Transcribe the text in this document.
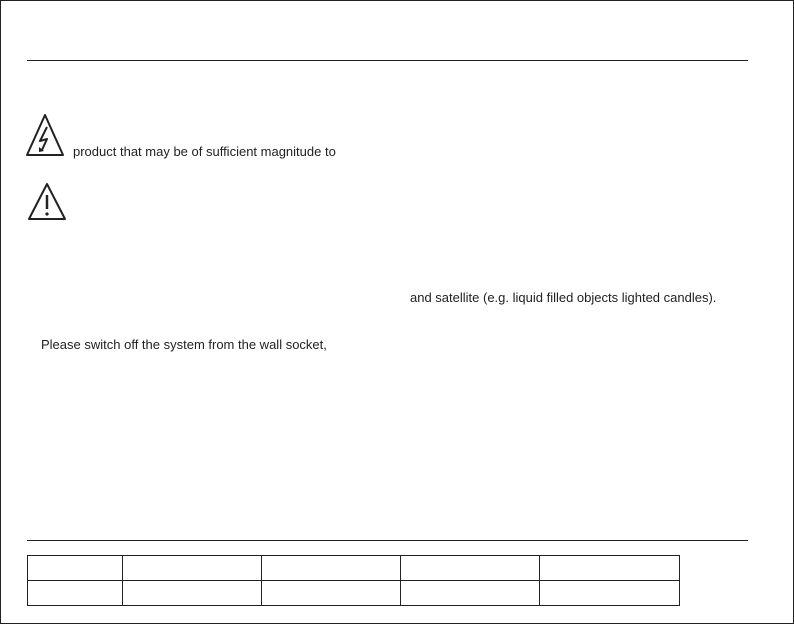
product that may be of sufficient magnitude to
and satellite (e.g. liquid filled objects lighted candles).
Please switch off the system from the wall socket,
